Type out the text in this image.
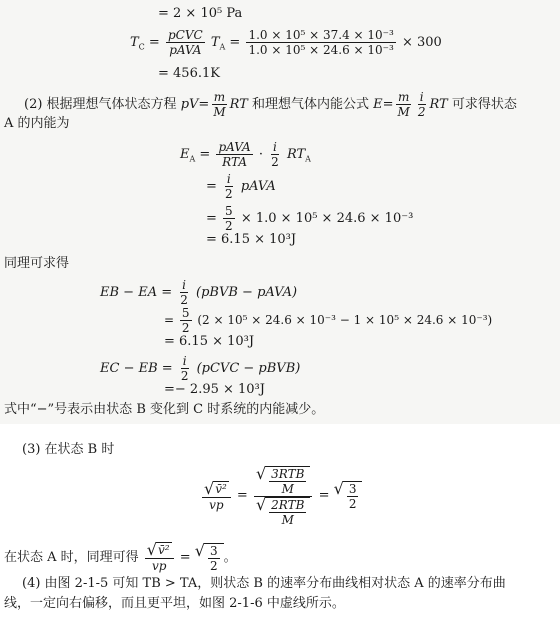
= 2 × 10⁵ Pa
$T_C = \frac{\text{pCVC}}{\text{pAVA}} T_A = \frac{\text{1.0 × 10⁵ × 37.4 × 10⁻³}}{\text{1.0 × 10⁵ × 24.6 × 10⁻³}} \times 300$
= 456.1K
(2) 根据理想气体状态方程 $pV= \frac{m}{M}$ RT 和理想气体内能公式 $E= \frac{m}{M} \frac{i}{2}$ RT 可求得状态
A 的内能为
$E_A = \frac{\text{pAVA}}{\text{RTA}} \cdot \frac{i}{2} RT_A$
= $\frac{i}{2}$ pAVA
= $\frac{5}{2} \times 1.0 \times 10^5 \times 24.6 \times 10^{-3}$
= 6.15 × 10³J
同理可求得
EB − EA = $\frac{i}{2}$ (pBVB − pAVA)
= $\frac{5}{2} (2 \times 10^5 \times 24.6 \times 10^{-3} - 1 \times 10^5 \times 24.6 \times 10^{-3})$
= 6.15 × 10³J
EC − EB = $\frac{i}{2}$ (pCVC − pBVB)
=− 2.95 × 10³J
式中“−”号表示由状态 B 变化到 C 时系统的内能减少。
(3) 在状态 B 时
$\frac{\text{√ v̄²}}{vp} = \frac{√ \frac{\text{3RTB}}{M}}{√ \frac{\text{2RTB}}{M}}$ = √ $\frac{3}{2}$
在状态 A 时，同理可得 $\frac{\text{√ v̄²}}{vp}$ = √ $\frac{3}{2}$ 。
(4) 由图 2-1-5 可知 TB > TA，则状态 B 的速率分布曲线相对状态 A 的速率分布曲
线，一定向右偏移，而且更平坦，如图 2-1-6 中虚线所示。
